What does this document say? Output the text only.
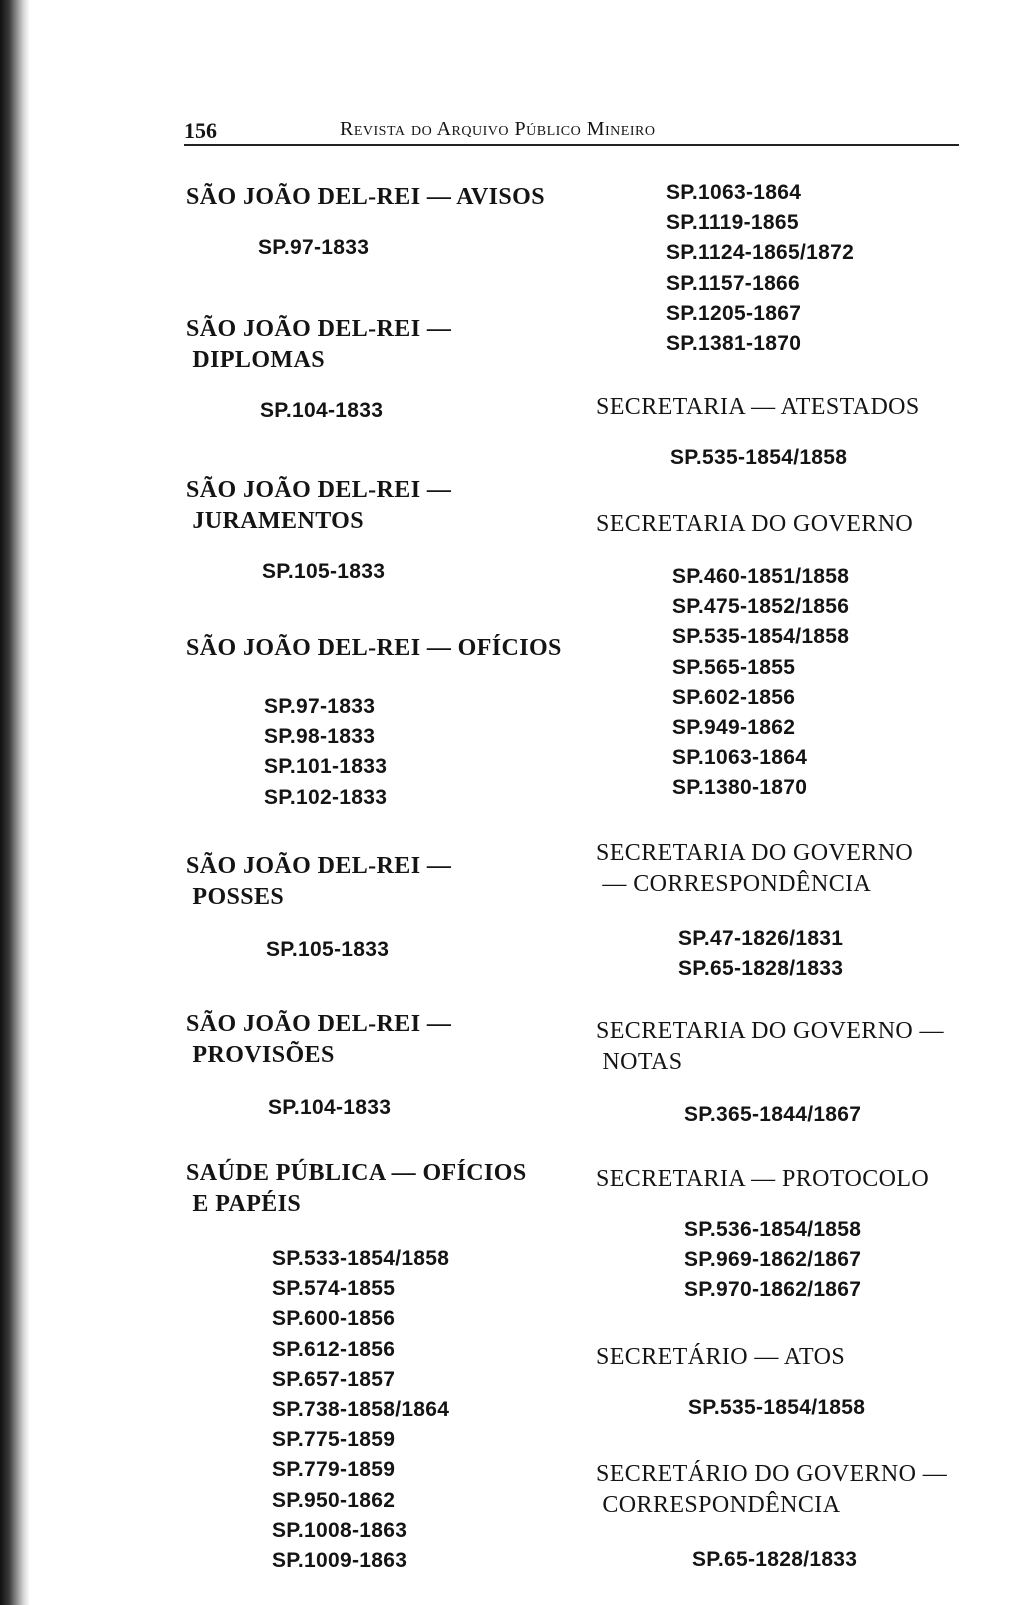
156	Revista do Arquivo Público Mineiro
SÃO JOÃO DEL-REI — AVISOS
SP.97-1833
SÃO JOÃO DEL-REI —
DIPLOMAS
SP.104-1833
SÃO JOÃO DEL-REI —
JURAMENTOS
SP.105-1833
SÃO JOÃO DEL-REI — OFÍCIOS
SP.97-1833
SP.98-1833
SP.101-1833
SP.102-1833
SÃO JOÃO DEL-REI —
POSSES
SP.105-1833
SÃO JOÃO DEL-REI —
PROVISÕES
SP.104-1833
SAÚDE PÚBLICA — OFÍCIOS
E PAPÉIS
SP.533-1854/1858
SP.574-1855
SP.600-1856
SP.612-1856
SP.657-1857
SP.738-1858/1864
SP.775-1859
SP.779-1859
SP.950-1862
SP.1008-1863
SP.1009-1863
SP.1063-1864
SP.1119-1865
SP.1124-1865/1872
SP.1157-1866
SP.1205-1867
SP.1381-1870
SECRETARIA — ATESTADOS
SP.535-1854/1858
SECRETARIA DO GOVERNO
SP.460-1851/1858
SP.475-1852/1856
SP.535-1854/1858
SP.565-1855
SP.602-1856
SP.949-1862
SP.1063-1864
SP.1380-1870
SECRETARIA DO GOVERNO
— CORRESPONDÊNCIA
SP.47-1826/1831
SP.65-1828/1833
SECRETARIA DO GOVERNO —
NOTAS
SP.365-1844/1867
SECRETARIA — PROTOCOLO
SP.536-1854/1858
SP.969-1862/1867
SP.970-1862/1867
SECRETÁRIO — ATOS
SP.535-1854/1858
SECRETÁRIO DO GOVERNO —
CORRESPONDÊNCIA
SP.65-1828/1833
